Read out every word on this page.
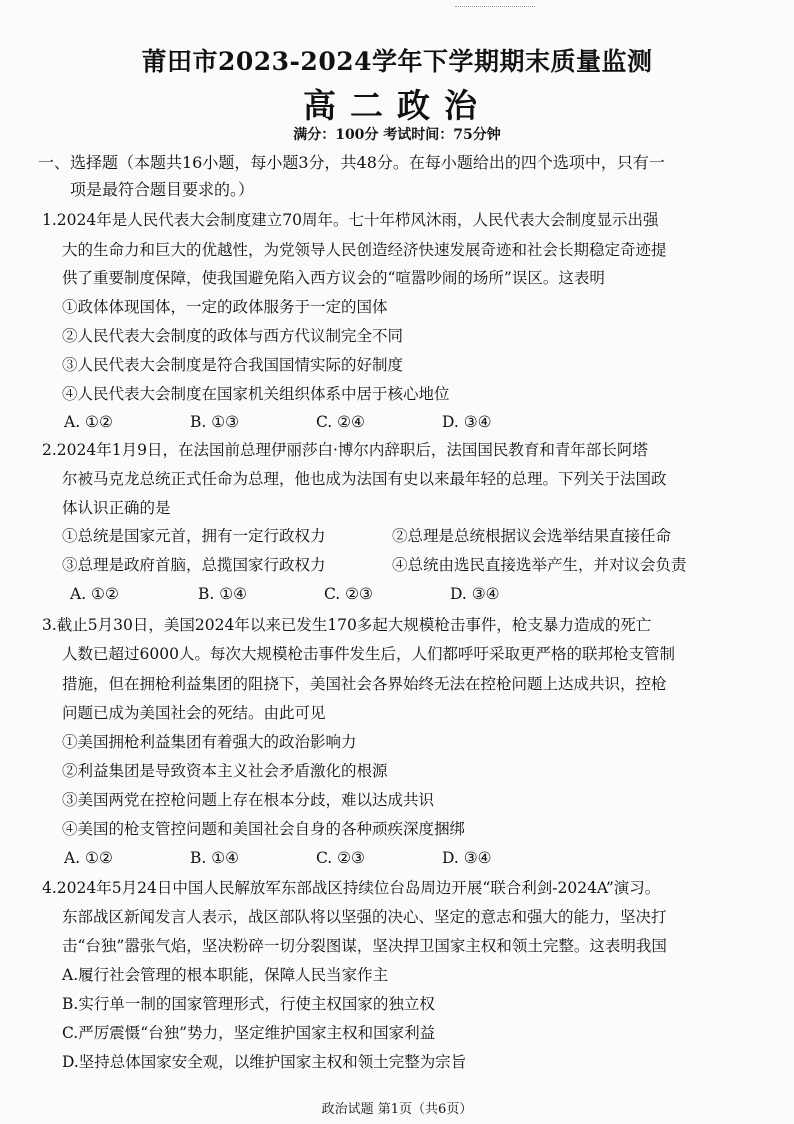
莆田市2023-2024学年下学期期末质量监测
高二政治
满分：100分 考试时间：75分钟
一、选择题（本题共16小题，每小题3分，共48分。在每小题给出的四个选项中，只有一
项是最符合题目要求的。）
1.2024年是人民代表大会制度建立70周年。七十年栉风沐雨，人民代表大会制度显示出强
大的生命力和巨大的优越性，为党领导人民创造经济快速发展奇迹和社会长期稳定奇迹提
供了重要制度保障，使我国避免陷入西方议会的“喧嚣吵闹的场所”误区。这表明
①政体体现国体，一定的政体服务于一定的国体
②人民代表大会制度的政体与西方代议制完全不同
③人民代表大会制度是符合我国国情实际的好制度
④人民代表大会制度在国家机关组织体系中居于核心地位
A. ①②	B. ①③	C. ②④	D. ③④
2.2024年1月9日，在法国前总理伊丽莎白·博尔内辞职后，法国国民教育和青年部长阿塔
尔被马克龙总统正式任命为总理，他也成为法国有史以来最年轻的总理。下列关于法国政
体认识正确的是
①总统是国家元首，拥有一定行政权力	②总理是总统根据议会选举结果直接任命
③总理是政府首脑，总揽国家行政权力	④总统由选民直接选举产生，并对议会负责
A. ①②	B. ①④	C. ②③	D. ③④
3.截止5月30日，美国2024年以来已发生170多起大规模枪击事件，枪支暴力造成的死亡
人数已超过6000人。每次大规模枪击事件发生后，人们都呼吁采取更严格的联邦枪支管制
措施，但在拥枪利益集团的阻挠下，美国社会各界始终无法在控枪问题上达成共识，控枪
问题已成为美国社会的死结。由此可见
①美国拥枪利益集团有着强大的政治影响力
②利益集团是导致资本主义社会矛盾激化的根源
③美国两党在控枪问题上存在根本分歧，难以达成共识
④美国的枪支管控问题和美国社会自身的各种顽疾深度捆绑
A. ①②	B. ①④	C. ②③	D. ③④
4.2024年5月24日中国人民解放军东部战区持续位台岛周边开展“联合利剑-2024A”演习。
东部战区新闻发言人表示，战区部队将以坚强的决心、坚定的意志和强大的能力，坚决打
击“台独”嚣张气焰，坚决粉碎一切分裂图谋，坚决捍卫国家主权和领土完整。这表明我国
A.履行社会管理的根本职能，保障人民当家作主
B.实行单一制的国家管理形式，行使主权国家的独立权
C.严厉震慑“台独”势力，坚定维护国家主权和国家利益
D.坚持总体国家安全观，以维护国家主权和领土完整为宗旨
政治试题 第1页（共6页）
